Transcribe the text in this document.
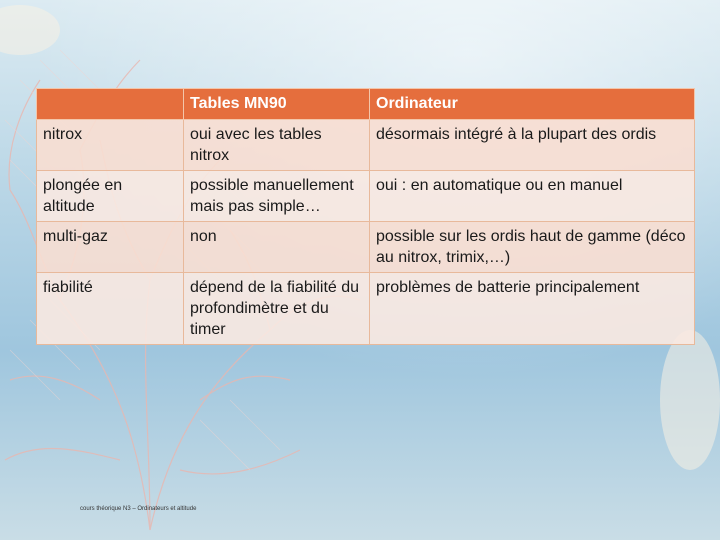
	Tables MN90	Ordinateur
nitrox	oui avec les tables nitrox	désormais intégré à la plupart des ordis
plongée en altitude	possible manuellement mais pas simple…	oui : en automatique ou en manuel
multi-gaz	non	possible sur les ordis haut de gamme (déco au nitrox, trimix,…)
fiabilité	dépend de la fiabilité du profondimètre et du timer	problèmes de batterie principalement
cours théorique N3 – Ordinateurs et altitude
